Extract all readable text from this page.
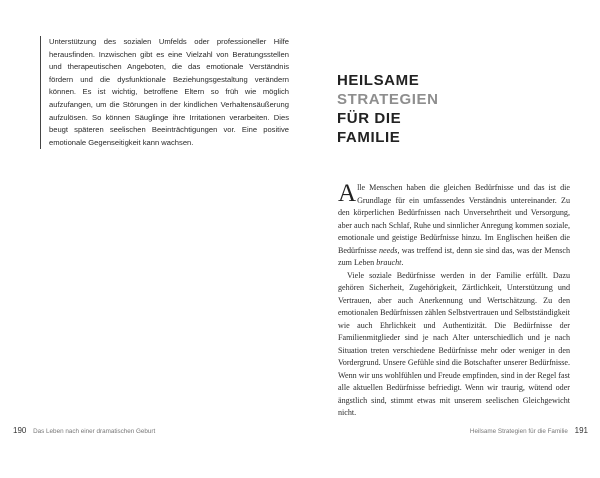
Unterstützung des sozialen Umfelds oder professioneller Hilfe herausfinden. Inzwischen gibt es eine Vielzahl von Beratungsstellen und therapeutischen Angeboten, die das emotionale Verständnis fördern und die dysfunktionale Beziehungsgestaltung verändern können. Es ist wichtig, betroffene Eltern so früh wie möglich aufzufangen, um die Störungen in der kindlichen Verhaltensäußerung aufzulösen. So können Säuglinge ihre Irritationen verarbeiten. Dies beugt späteren seelischen Beeinträchtigungen vor. Eine positive emotionale Gegenseitigkeit kann wachsen.

190 Das Leben nach einer dramatischen Geburt
HEILSAME
STRATEGIEN
FÜR DIE
FAMILIE

Alle Menschen haben die gleichen Bedürfnisse und das ist die Grundlage für ein umfassendes Verständnis untereinander. Zu den körperlichen Bedürfnissen nach Unversehrtheit und Versorgung, aber auch nach Schlaf, Ruhe und sinnlicher Anregung kommen soziale, emotionale und geistige Bedürfnisse hinzu. Im Englischen heißen die Bedürfnisse needs, was treffend ist, denn sie sind das, was der Mensch zum Leben braucht.

Viele soziale Bedürfnisse werden in der Familie erfüllt. Dazu gehören Sicherheit, Zugehörigkeit, Zärtlichkeit, Unterstützung und Vertrauen, aber auch Anerkennung und Wertschätzung. Zu den emotionalen Bedürfnissen zählen Selbstvertrauen und Selbstständigkeit wie auch Ehrlichkeit und Authentizität. Die Bedürfnisse der Familienmitglieder sind je nach Alter unterschiedlich und je nach Situation treten verschiedene Bedürfnisse mehr oder weniger in den Vordergrund. Unsere Gefühle sind die Botschafter unserer Bedürfnisse. Wenn wir uns wohlfühlen und Freude empfinden, sind in der Regel fast alle aktuellen Bedürfnisse befriedigt. Wenn wir traurig, wütend oder ängstlich sind, stimmt etwas mit unserem seelischen Gleichgewicht nicht.

Heilsame Strategien für die Familie 191
